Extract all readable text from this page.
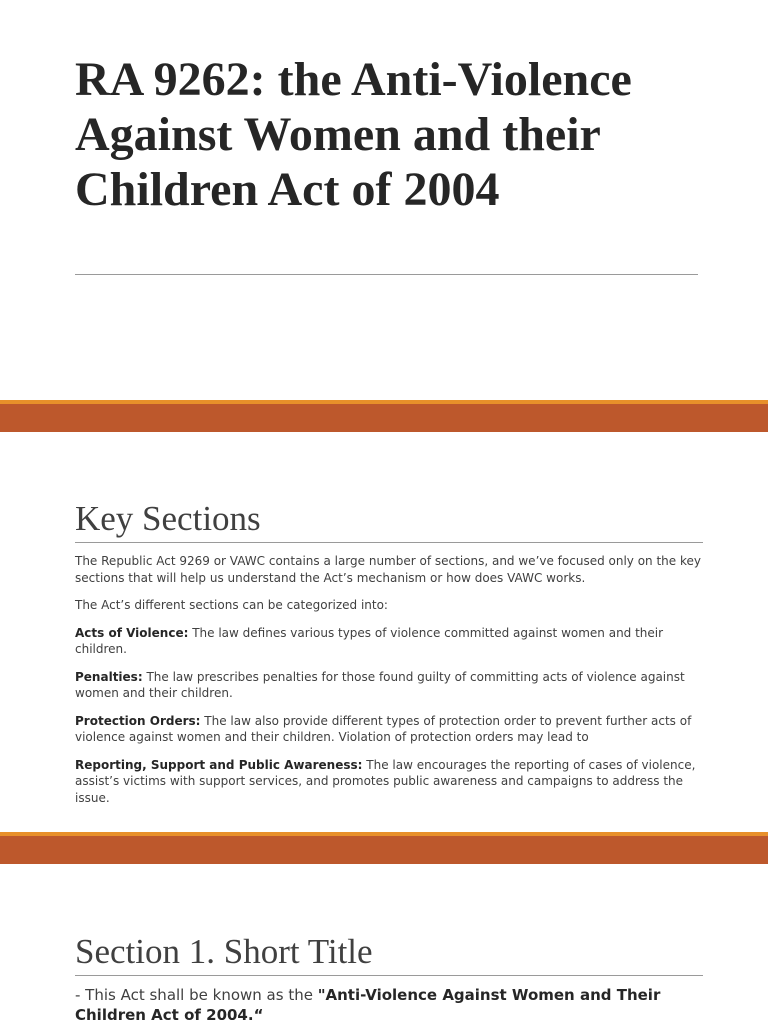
RA 9262: the Anti-Violence Against Women and their Children Act of 2004
Key Sections

The Republic Act 9269 or VAWC contains a large number of sections, and we’ve focused only on the key sections that will help us understand the Act’s mechanism or how does VAWC works.

The Act’s different sections can be categorized into:

Acts of Violence: The law defines various types of violence committed against women and their children.

Penalties: The law prescribes penalties for those found guilty of committing acts of violence against women and their children.

Protection Orders: The law also provide different types of protection order to prevent further acts of violence against women and their children. Violation of protection orders may lead to

Reporting, Support and Public Awareness: The law encourages the reporting of cases of violence, assist’s victims with support services, and promotes public awareness and campaigns to address the issue.

Section 1. Short Title

- This Act shall be known as the "Anti-Violence Against Women and Their Children Act of 2004.“
